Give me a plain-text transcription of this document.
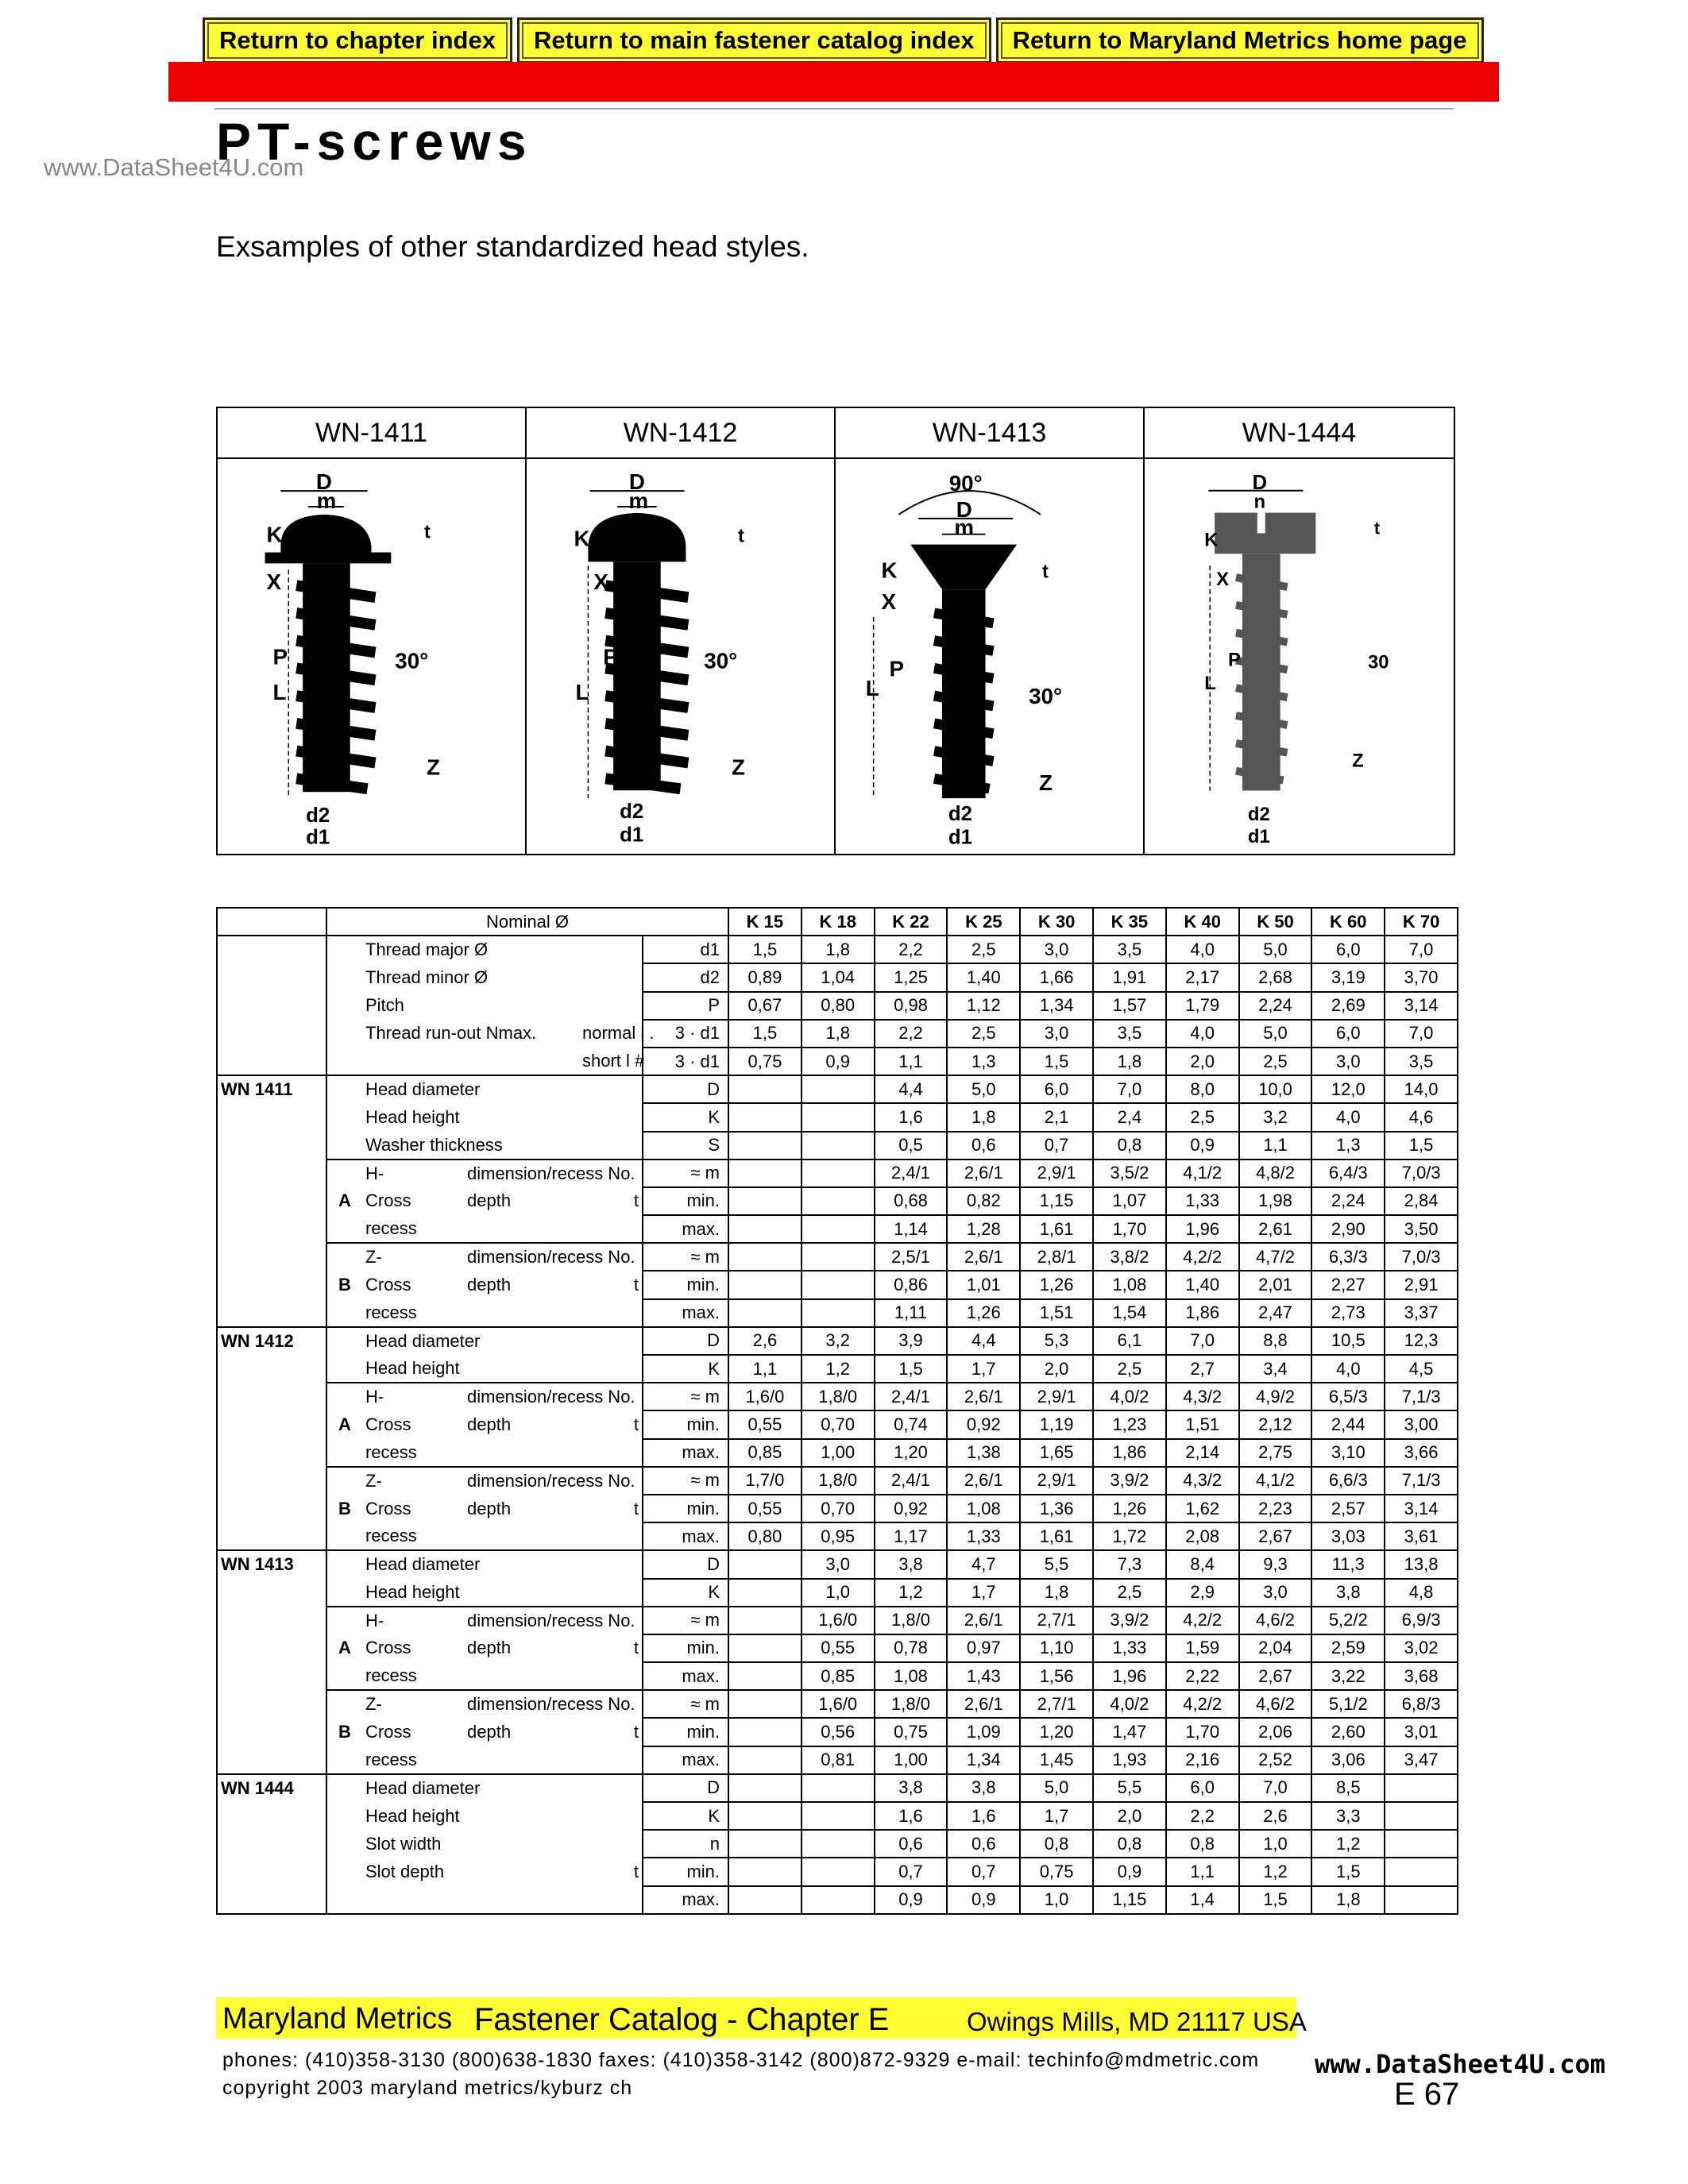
Return to chapter index	Return to main fastener catalog index	Return to Maryland Metrics home page
PT-screws
www.DataSheet4U.com
Exsamples of other standardized head styles.
WN-1411	WN-1412	WN-1413	WN-1444
D
m
K
X
P
L
30°
Z
d2
d1
t
D
m
K
X
P
L
30°
Z
d2
d1
t
90°
D
m
K
X
P
L	30°
Z
d2
d1
t
D
n
K
X
P
L
30
Z
d2
d1
t
	Nominal Ø					K 15	K 18	K 22	K 25	K 30	K 35	K 40	K 50	K 60	K 70
		Thread major Ø			d1	1,5	1,8	2,2	2,5	3,0	3,5	4,0	5,0	6,0	7,0
		Thread minor Ø			d2	0,89	1,04	1,25	1,40	1,66	1,91	2,17	2,68	3,19	3,70
		Pitch			P	0,67	0,80	0,98	1,12	1,34	1,57	1,79	2,24	2,69	3,14
		Thread run-out Nmax.		normal l .	3 · d1	1,5	1,8	2,2	2,5	3,0	3,5	4,0	5,0	6,0	7,0
				short l #	3 · d1	0,75	0,9	1,1	1,3	1,5	1,8	2,0	2,5	3,0	3,5
WN 1411		Head diameter			D			4,4	5,0	6,0	7,0	8,0	10,0	12,0	14,0
		Head height			K			1,6	1,8	2,1	2,4	2,5	3,2	4,0	4,6
		Washer thickness			S			0,5	0,6	0,7	0,8	0,9	1,1	1,3	1,5
		H-	dimension/recess No.		≈ m			2,4/1	2,6/1	2,9/1	3,5/2	4,1/2	4,8/2	6,4/3	7,0/3
	A	Cross	depth	t	min.			0,68	0,82	1,15	1,07	1,33	1,98	2,24	2,84
		recess			max.			1,14	1,28	1,61	1,70	1,96	2,61	2,90	3,50
		Z-	dimension/recess No.		≈ m			2,5/1	2,6/1	2,8/1	3,8/2	4,2/2	4,7/2	6,3/3	7,0/3
	B	Cross	depth	t	min.			0,86	1,01	1,26	1,08	1,40	2,01	2,27	2,91
		recess			max.			1,11	1,26	1,51	1,54	1,86	2,47	2,73	3,37
WN 1412		Head diameter			D	2,6	3,2	3,9	4,4	5,3	6,1	7,0	8,8	10,5	12,3
		Head height			K	1,1	1,2	1,5	1,7	2,0	2,5	2,7	3,4	4,0	4,5
		H-	dimension/recess No.		≈ m	1,6/0	1,8/0	2,4/1	2,6/1	2,9/1	4,0/2	4,3/2	4,9/2	6,5/3	7,1/3
	A	Cross	depth	t	min.	0,55	0,70	0,74	0,92	1,19	1,23	1,51	2,12	2,44	3,00
		recess			max.	0,85	1,00	1,20	1,38	1,65	1,86	2,14	2,75	3,10	3,66
		Z-	dimension/recess No.		≈ m	1,7/0	1,8/0	2,4/1	2,6/1	2,9/1	3,9/2	4,3/2	4,1/2	6,6/3	7,1/3
	B	Cross	depth	t	min.	0,55	0,70	0,92	1,08	1,36	1,26	1,62	2,23	2,57	3,14
		recess			max.	0,80	0,95	1,17	1,33	1,61	1,72	2,08	2,67	3,03	3,61
WN 1413		Head diameter			D		3,0	3,8	4,7	5,5	7,3	8,4	9,3	11,3	13,8
		Head height			K		1,0	1,2	1,7	1,8	2,5	2,9	3,0	3,8	4,8
		H-	dimension/recess No.		≈ m		1,6/0	1,8/0	2,6/1	2,7/1	3,9/2	4,2/2	4,6/2	5,2/2	6,9/3
	A	Cross	depth	t	min.		0,55	0,78	0,97	1,10	1,33	1,59	2,04	2,59	3,02
		recess			max.		0,85	1,08	1,43	1,56	1,96	2,22	2,67	3,22	3,68
		Z-	dimension/recess No.		≈ m		1,6/0	1,8/0	2,6/1	2,7/1	4,0/2	4,2/2	4,6/2	5,1/2	6,8/3
	B	Cross	depth	t	min.		0,56	0,75	1,09	1,20	1,47	1,70	2,06	2,60	3,01
		recess			max.		0,81	1,00	1,34	1,45	1,93	2,16	2,52	3,06	3,47
WN 1444		Head diameter			D			3,8	3,8	5,0	5,5	6,0	7,0	8,5	
		Head height			K			1,6	1,6	1,7	2,0	2,2	2,6	3,3	
		Slot width			n			0,6	0,6	0,8	0,8	0,8	1,0	1,2	
		Slot depth		t	min.			0,7	0,7	0,75	0,9	1,1	1,2	1,5	
					max.			0,9	0,9	1,0	1,15	1,4	1,5	1,8	
Maryland Metrics Fastener Catalog - Chapter E	Owings Mills, MD 21117 USA
phones: (410)358-3130 (800)638-1830 faxes: (410)358-3142 (800)872-9329 e-mail: techinfo@mdmetric.com
copyright 2003 maryland metrics/kyburz ch
www.DataSheet4U.com
E 67
